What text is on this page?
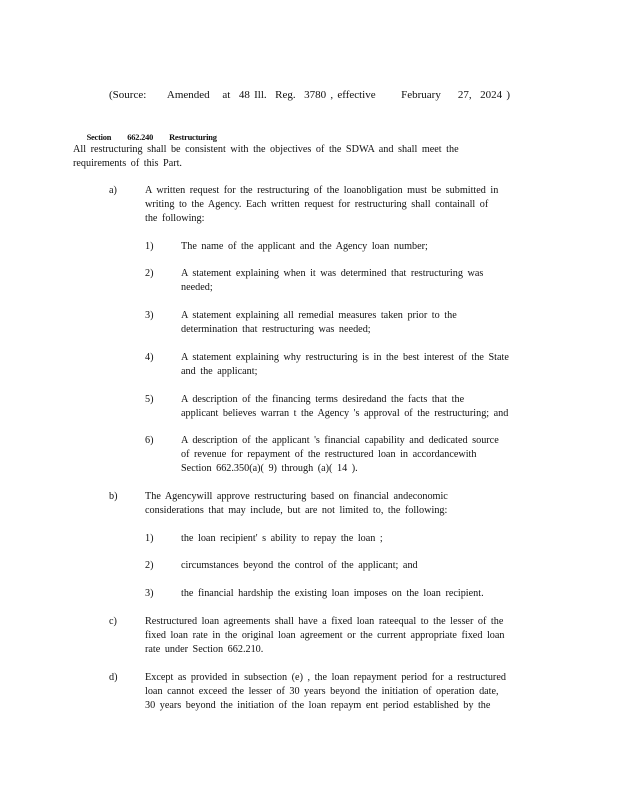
(Source:     Amended   at  48 Ill.  Reg.  3780 , effective      February    27,  2024 )

Section 662.240 Restructuring

All restructuring shall be consistent with the objectives of the SDWA and shall meet the
requirements of this Part.
a)	A written request for the restructuring of the loanobligation must be submitted in
writing to the Agency. Each written request for restructuring shall containall of
the following:
1)	The name of the applicant and the Agency loan number;
2)	A statement explaining when it was determined that restructuring was
needed;
3)	A statement explaining all remedial measures taken prior to the
determination that restructuring was needed;
4)	A statement explaining why restructuring is in the best interest of the State
and the applicant;
5)	A description of the financing terms desiredand the facts that the
applicant believes warran t the Agency 's approval of the restructuring; and
6)	A description of the applicant 's financial capability and dedicated source
of revenue for repayment of the restructured loan in accordancewith
Section 662.350(a)( 9) through (a)( 14 ).
b)	The Agencywill approve restructuring based on financial andeconomic
considerations that may include, but are not limited to, the following:
1)	the loan recipient' s ability to repay the loan ;
2)	circumstances beyond the control of the applicant; and
3)	the financial hardship the existing loan imposes on the loan recipient.
c)	Restructured loan agreements shall have a fixed loan rateequal to the lesser of the
fixed loan rate in the original loan agreement or the current appropriate fixed loan
rate under Section 662.210.
d)	Except as provided in subsection (e) , the loan repayment period for a restructured
loan cannot exceed the lesser of 30 years beyond the initiation of operation date,
30 years beyond the initiation of the loan repaym ent period established by the
